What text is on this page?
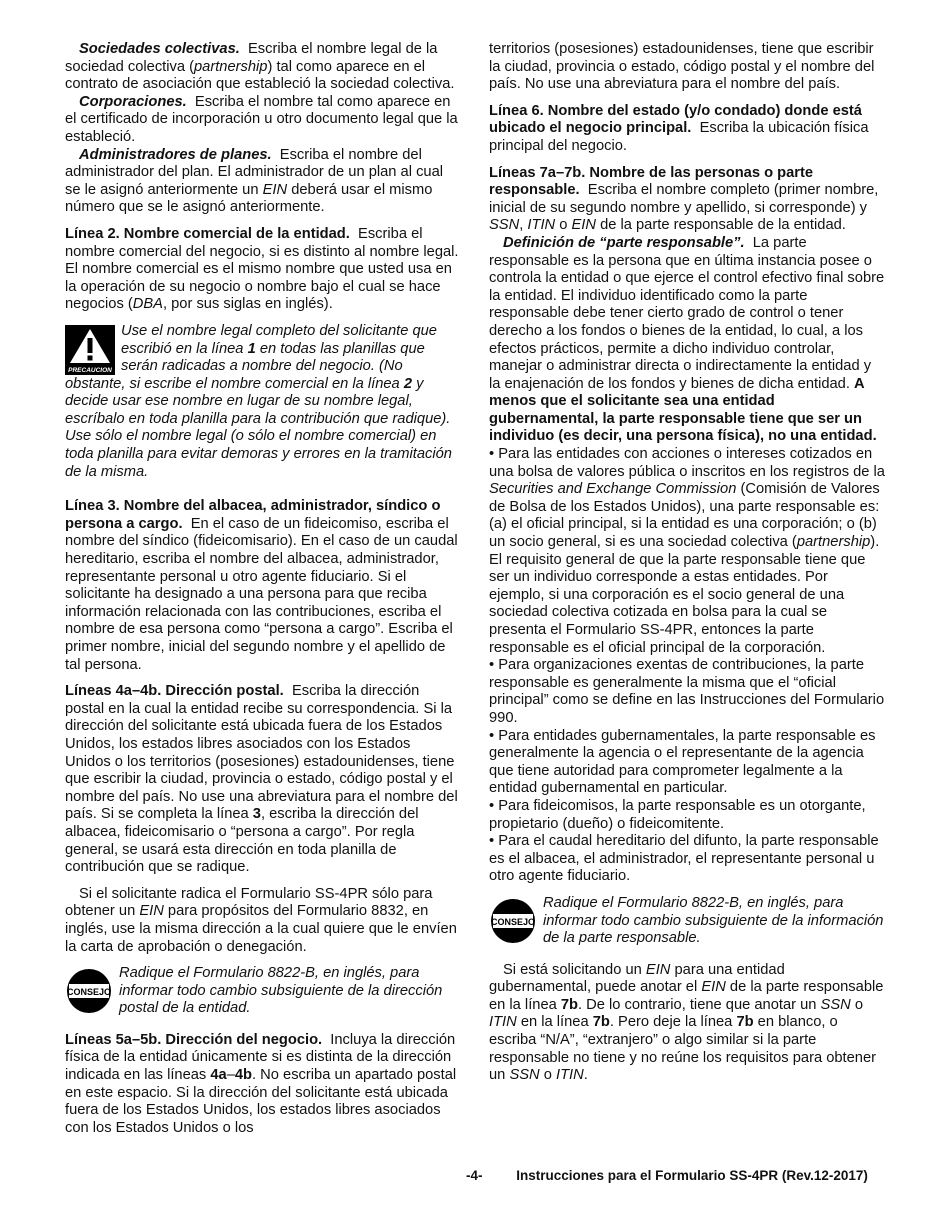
Sociedades colectivas. Escriba el nombre legal de la sociedad colectiva (partnership) tal como aparece en el contrato de asociación que estableció la sociedad colectiva.

Corporaciones. Escriba el nombre tal como aparece en el certificado de incorporación u otro documento legal que la estableció.

Administradores de planes. Escriba el nombre del administrador del plan. El administrador de un plan al cual se le asignó anteriormente un EIN deberá usar el mismo número que se le asignó anteriormente.

Línea 2. Nombre comercial de la entidad. Escriba el nombre comercial del negocio, si es distinto al nombre legal. El nombre comercial es el mismo nombre que usted usa en la operación de su negocio o nombre bajo el cual se hace negocios (DBA, por sus siglas en inglés).

PRECAUCION
Use el nombre legal completo del solicitante que escribió en la línea 1 en todas las planillas que serán radicadas a nombre del negocio. (No obstante, si escribe el nombre comercial en la línea 2 y decide usar ese nombre en lugar de su nombre legal, escríbalo en toda planilla para la contribución que radique). Use sólo el nombre legal (o sólo el nombre comercial) en toda planilla para evitar demoras y errores en la tramitación de la misma.

Línea 3. Nombre del albacea, administrador, síndico o persona a cargo. En el caso de un fideicomiso, escriba el nombre del síndico (fideicomisario). En el caso de un caudal hereditario, escriba el nombre del albacea, administrador, representante personal u otro agente fiduciario. Si el solicitante ha designado a una persona para que reciba información relacionada con las contribuciones, escriba el nombre de esa persona como “persona a cargo”. Escriba el primer nombre, inicial del segundo nombre y el apellido de tal persona.

Líneas 4a–4b. Dirección postal. Escriba la dirección postal en la cual la entidad recibe su correspondencia. Si la dirección del solicitante está ubicada fuera de los Estados Unidos, los estados libres asociados con los Estados Unidos o los territorios (posesiones) estadounidenses, tiene que escribir la ciudad, provincia o estado, código postal y el nombre del país. No use una abreviatura para el nombre del país. Si se completa la línea 3, escriba la dirección del albacea, fideicomisario o “persona a cargo”. Por regla general, se usará esta dirección en toda planilla de contribución que se radique.

Si el solicitante radica el Formulario SS-4PR sólo para obtener un EIN para propósitos del Formulario 8832, en inglés, use la misma dirección a la cual quiere que le envíen la carta de aprobación o denegación.

CONSEJO
Radique el Formulario 8822-B, en inglés, para informar todo cambio subsiguiente de la dirección postal de la entidad.

Líneas 5a–5b. Dirección del negocio. Incluya la dirección física de la entidad únicamente si es distinta de la dirección indicada en las líneas 4a–4b. No escriba un apartado postal en este espacio. Si la dirección del solicitante está ubicada fuera de los Estados Unidos, los estados libres asociados con los Estados Unidos o los

territorios (posesiones) estadounidenses, tiene que escribir la ciudad, provincia o estado, código postal y el nombre del país. No use una abreviatura para el nombre del país.

Línea 6. Nombre del estado (y/o condado) donde está ubicado el negocio principal. Escriba la ubicación física principal del negocio.

Líneas 7a–7b. Nombre de las personas o parte responsable. Escriba el nombre completo (primer nombre, inicial de su segundo nombre y apellido, si corresponde) y SSN, ITIN o EIN de la parte responsable de la entidad.

Definición de “parte responsable”. La parte responsable es la persona que en última instancia posee o controla la entidad o que ejerce el control efectivo final sobre la entidad. El individuo identificado como la parte responsable debe tener cierto grado de control o tener derecho a los fondos o bienes de la entidad, lo cual, a los efectos prácticos, permite a dicho individuo controlar, manejar o administrar directa o indirectamente la entidad y la enajenación de los fondos y bienes de dicha entidad. A menos que el solicitante sea una entidad gubernamental, la parte responsable tiene que ser un individuo (es decir, una persona física), no una entidad.

• Para las entidades con acciones o intereses cotizados en una bolsa de valores pública o inscritos en los registros de la Securities and Exchange Commission (Comisión de Valores de Bolsa de los Estados Unidos), una parte responsable es: (a) el oficial principal, si la entidad es una corporación; o (b) un socio general, si es una sociedad colectiva (partnership). El requisito general de que la parte responsable tiene que ser un individuo corresponde a estas entidades. Por ejemplo, si una corporación es el socio general de una sociedad colectiva cotizada en bolsa para la cual se presenta el Formulario SS-4PR, entonces la parte responsable es el oficial principal de la corporación.

• Para organizaciones exentas de contribuciones, la parte responsable es generalmente la misma que el “oficial principal” como se define en las Instrucciones del Formulario 990.

• Para entidades gubernamentales, la parte responsable es generalmente la agencia o el representante de la agencia que tiene autoridad para comprometer legalmente a la entidad gubernamental en particular.

• Para fideicomisos, la parte responsable es un otorgante, propietario (dueño) o fideicomitente.

• Para el caudal hereditario del difunto, la parte responsable es el albacea, el administrador, el representante personal u otro agente fiduciario.

CONSEJO
Radique el Formulario 8822-B, en inglés, para informar todo cambio subsiguiente de la información de la parte responsable.

Si está solicitando un EIN para una entidad gubernamental, puede anotar el EIN de la parte responsable en la línea 7b. De lo contrario, tiene que anotar un SSN o ITIN en la línea 7b. Pero deje la línea 7b en blanco, o escriba “N/A”, “extranjero” o algo similar si la parte responsable no tiene y no reúne los requisitos para obtener un SSN o ITIN.

-4-	Instrucciones para el Formulario SS-4PR (Rev.12-2017)
